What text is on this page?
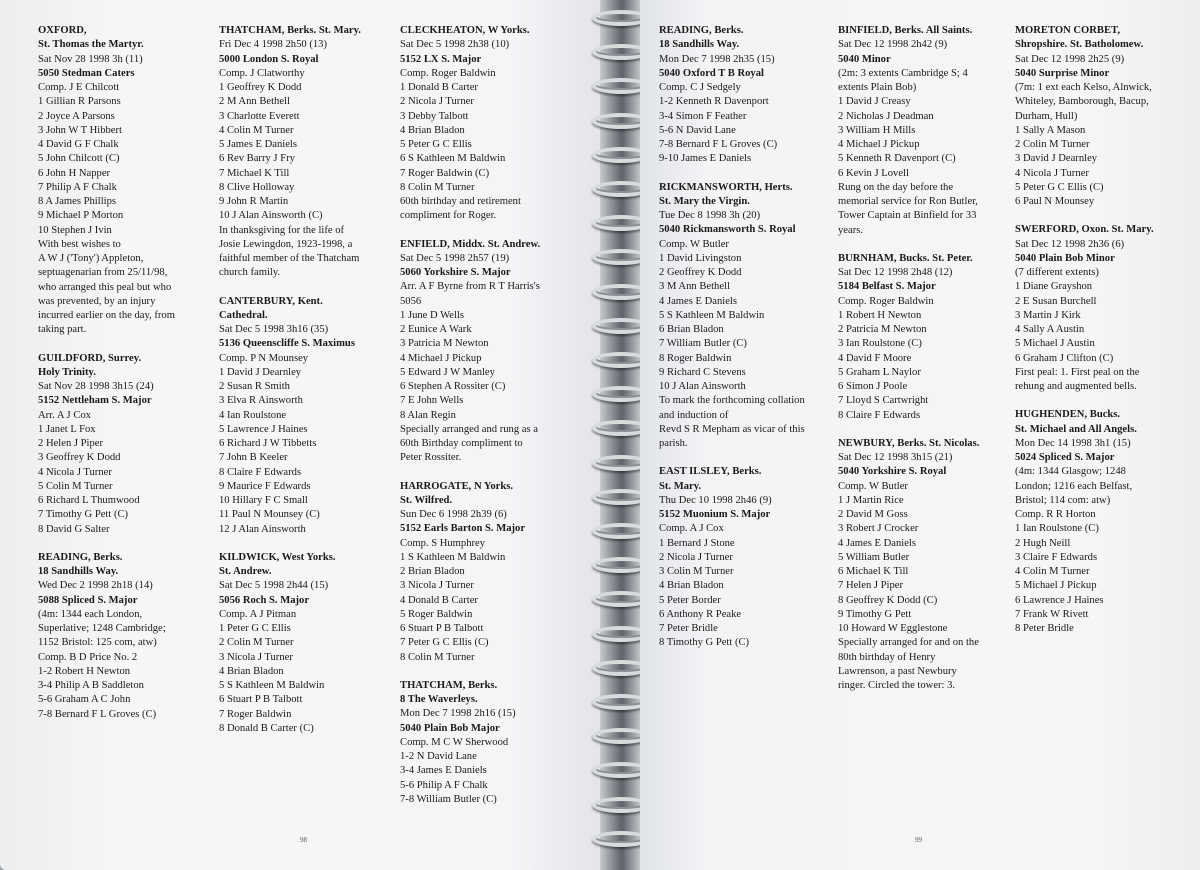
OXFORD,
St. Thomas the Martyr.
Sat Nov 28 1998 3h (11)
5050 Stedman Caters
Comp. J E Chilcott
1 Gillian R Parsons
2 Joyce A Parsons
3 John W T Hibbert
4 David G F Chalk
5 John Chilcott (C)
6 John H Napper
7 Philip A F Chalk
8 A James Phillips
9 Michael P Morton
10 Stephen J Ivin
With best wishes to
A W J ('Tony') Appleton,
septuagenarian from 25/11/98,
who arranged this peal but who
was prevented, by an injury
incurred earlier on the day, from
taking part.
GUILDFORD, Surrey.
Holy Trinity.
Sat Nov 28 1998 3h15 (24)
5152 Nettleham S. Major
Arr. A J Cox
1 Janet L Fox
2 Helen J Piper
3 Geoffrey K Dodd
4 Nicola J Turner
5 Colin M Turner
6 Richard L Thumwood
7 Timothy G Pett (C)
8 David G Salter
READING, Berks.
18 Sandhills Way.
Wed Dec 2 1998 2h18 (14)
5088 Spliced S. Major
(4m: 1344 each London,
Superlative; 1248 Cambridge;
1152 Bristol: 125 com, atw)
Comp. B D Price No. 2
1-2 Robert H Newton
3-4 Philip A B Saddleton
5-6 Graham A C John
7-8 Bernard F L Groves (C)
THATCHAM, Berks. St. Mary.
Fri Dec 4 1998 2h50 (13)
5000 London S. Royal
Comp. J Clatworthy
1 Geoffrey K Dodd
2 M Ann Bethell
3 Charlotte Everett
4 Colin M Turner
5 James E Daniels
6 Rev Barry J Fry
7 Michael K Till
8 Clive Holloway
9 John R Martin
10 J Alan Ainsworth (C)
In thanksgiving for the life of
Josie Lewingdon, 1923-1998, a
faithful member of the Thatcham
church family.
CANTERBURY, Kent.
Cathedral.
Sat Dec 5 1998 3h16 (35)
5136 Queenscliffe S. Maximus
Comp. P N Mounsey
1 David J Dearnley
2 Susan R Smith
3 Elva R Ainsworth
4 Ian Roulstone
5 Lawrence J Haines
6 Richard J W Tibbetts
7 John B Keeler
8 Claire F Edwards
9 Maurice F Edwards
10 Hillary F C Small
11 Paul N Mounsey (C)
12 J Alan Ainsworth
KILDWICK, West Yorks.
St. Andrew.
Sat Dec 5 1998 2h44 (15)
5056 Roch S. Major
Comp. A J Pitman
1 Peter G C Ellis
2 Colin M Turner
3 Nicola J Turner
4 Brian Bladon
5 S Kathleen M Baldwin
6 Stuart P B Talbott
7 Roger Baldwin
8 Donald B Carter (C)
CLECKHEATON, W Yorks.
Sat Dec 5 1998 2h38 (10)
5152 LX S. Major
Comp. Roger Baldwin
1 Donald B Carter
2 Nicola J Turner
3 Debby Talbott
4 Brian Bladon
5 Peter G C Ellis
6 S Kathleen M Baldwin
7 Roger Baldwin (C)
8 Colin M Turner
60th birthday and retirement
compliment for Roger.
ENFIELD, Middx. St. Andrew.
Sat Dec 5 1998 2h57 (19)
5060 Yorkshire S. Major
Arr. A F Byrne from R T Harris's
5056
1 June D Wells
2 Eunice A Wark
3 Patricia M Newton
4 Michael J Pickup
5 Edward J W Manley
6 Stephen A Rossiter (C)
7 E John Wells
8 Alan Regin
Specially arranged and rung as a
60th Birthday compliment to
Peter Rossiter.
HARROGATE, N Yorks.
St. Wilfred.
Sun Dec 6 1998 2h39 (6)
5152 Earls Barton S. Major
Comp. S Humphrey
1 S Kathleen M Baldwin
2 Brian Bladon
3 Nicola J Turner
4 Donald B Carter
5 Roger Baldwin
6 Stuart P B Talbott
7 Peter G C Ellis (C)
8 Colin M Turner
THATCHAM, Berks.
8 The Waverleys.
Mon Dec 7 1998 2h16 (15)
5040 Plain Bob Major
Comp. M C W Sherwood
1-2 N David Lane
3-4 James E Daniels
5-6 Philip A F Chalk
7-8 William Butler (C)
98
READING, Berks.
18 Sandhills Way.
Mon Dec 7 1998 2h35 (15)
5040 Oxford T B Royal
Comp. C J Sedgely
1-2 Kenneth R Davenport
3-4 Simon F Feather
5-6 N David Lane
7-8 Bernard F L Groves (C)
9-10 James E Daniels
RICKMANSWORTH, Herts.
St. Mary the Virgin.
Tue Dec 8 1998 3h (20)
5040 Rickmansworth S. Royal
Comp. W Butler
1 David Livingston
2 Geoffrey K Dodd
3 M Ann Bethell
4 James E Daniels
5 S Kathleen M Baldwin
6 Brian Bladon
7 William Butler (C)
8 Roger Baldwin
9 Richard C Stevens
10 J Alan Ainsworth
To mark the forthcoming collation
and induction of
Revd S R Mepham as vicar of this
parish.
EAST ILSLEY, Berks.
St. Mary.
Thu Dec 10 1998 2h46 (9)
5152 Muonium S. Major
Comp. A J Cox
1 Bernard J Stone
2 Nicola J Turner
3 Colin M Turner
4 Brian Bladon
5 Peter Border
6 Anthony R Peake
7 Peter Bridle
8 Timothy G Pett (C)
BINFIELD, Berks. All Saints.
Sat Dec 12 1998 2h42 (9)
5040 Minor
(2m: 3 extents Cambridge S; 4
extents Plain Bob)
1 David J Creasy
2 Nicholas J Deadman
3 William H Mills
4 Michael J Pickup
5 Kenneth R Davenport (C)
6 Kevin J Lovell
Rung on the day before the
memorial service for Ron Butler,
Tower Captain at Binfield for 33
years.
BURNHAM, Bucks. St. Peter.
Sat Dec 12 1998 2h48 (12)
5184 Belfast S. Major
Comp. Roger Baldwin
1 Robert H Newton
2 Patricia M Newton
3 Ian Roulstone (C)
4 David F Moore
5 Graham L Naylor
6 Simon J Poole
7 Lloyd S Cartwright
8 Claire F Edwards
NEWBURY, Berks. St. Nicolas.
Sat Dec 12 1998 3h15 (21)
5040 Yorkshire S. Royal
Comp. W Butler
1 J Martin Rice
2 David M Goss
3 Robert J Crocker
4 James E Daniels
5 William Butler
6 Michael K Till
7 Helen J Piper
8 Geoffrey K Dodd (C)
9 Timothy G Pett
10 Howard W Egglestone
Specially arranged for and on the
80th birthday of Henry
Lawrenson, a past Newbury
ringer. Circled the tower: 3.
MORETON CORBET,
Shropshire. St. Batholomew.
Sat Dec 12 1998 2h25 (9)
5040 Surprise Minor
(7m: 1 ext each Kelso, Alnwick,
Whiteley, Bamborough, Bacup,
Durham, Hull)
1 Sally A Mason
2 Colin M Turner
3 David J Dearnley
4 Nicola J Turner
5 Peter G C Ellis (C)
6 Paul N Mounsey
SWERFORD, Oxon. St. Mary.
Sat Dec 12 1998 2h36 (6)
5040 Plain Bob Minor
(7 different extents)
1 Diane Grayshon
2 E Susan Burchell
3 Martin J Kirk
4 Sally A Austin
5 Michael J Austin
6 Graham J Clifton (C)
First peal: 1. First peal on the
rehung and augmented bells.
HUGHENDEN, Bucks.
St. Michael and All Angels.
Mon Dec 14 1998 3h1 (15)
5024 Spliced S. Major
(4m: 1344 Glasgow; 1248
London; 1216 each Belfast,
Bristol; 114 com: atw)
Comp. R R Horton
1 Ian Roulstone (C)
2 Hugh Neill
3 Claire F Edwards
4 Colin M Turner
5 Michael J Pickup
6 Lawrence J Haines
7 Frank W Rivett
8 Peter Bridle
99
